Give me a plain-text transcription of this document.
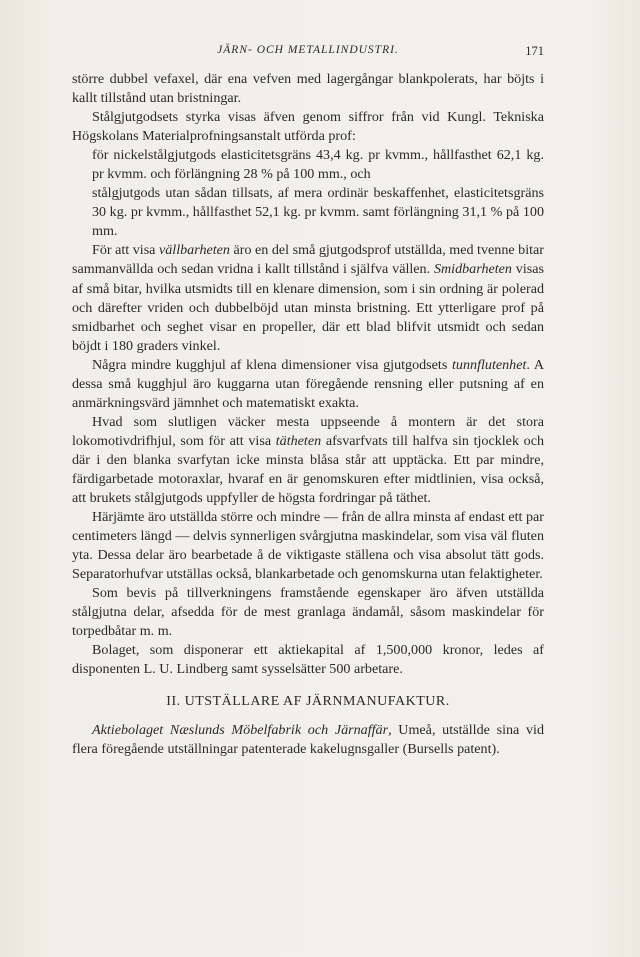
JÄRN- OCH METALLINDUSTRI.	171

större dubbel vefaxel, där ena vefven med lagergångar blankpolerats, har böjts i kallt tillstånd utan bristningar.

Stålgjutgodsets styrka visas äfven genom siffror från vid Kungl. Tekniska Högskolans Materialprofningsanstalt utförda prof:

för nickelstålgjutgods elasticitetsgräns 43,4 kg. pr kvmm., hållfasthet 62,1 kg. pr kvmm. och förlängning 28 % på 100 mm., och

stålgjutgods utan sådan tillsats, af mera ordinär beskaffenhet, elasticitetsgräns 30 kg. pr kvmm., hållfasthet 52,1 kg. pr kvmm. samt förlängning 31,1 % på 100 mm.

För att visa vällbarheten äro en del små gjutgodsprof utställda, med tvenne bitar sammanvällda och sedan vridna i kallt tillstånd i själfva vällen. Smidbarheten visas af små bitar, hvilka utsmidts till en klenare dimension, som i sin ordning är polerad och därefter vriden och dubbelböjd utan minsta bristning. Ett ytterligare prof på smidbarhet och seghet visar en propeller, där ett blad blifvit utsmidt och sedan böjdt i 180 graders vinkel.

Några mindre kugghjul af klena dimensioner visa gjutgodsets tunnflutenhet. A dessa små kugghjul äro kuggarna utan föregående rensning eller putsning af en anmärkningsvärd jämnhet och matematiskt exakta.

Hvad som slutligen väcker mesta uppseende å montern är det stora lokomotivdrifhjul, som för att visa tätheten afsvarfvats till halfva sin tjocklek och där i den blanka svarfytan icke minsta blåsa står att upptäcka. Ett par mindre, färdigarbetade motoraxlar, hvaraf en är genomskuren efter midtlinien, visa också, att brukets stålgjutgods uppfyller de högsta fordringar på täthet.

Härjämte äro utställda större och mindre — från de allra minsta af endast ett par centimeters längd — delvis synnerligen svårgjutna maskindelar, som visa väl fluten yta. Dessa delar äro bearbetade å de viktigaste ställena och visa absolut tätt gods. Separatorhufvar utställas också, blankarbetade och genomskurna utan felaktigheter.

Som bevis på tillverkningens framstående egenskaper äro äfven utställda stålgjutna delar, afsedda för de mest granlaga ändamål, såsom maskindelar för torpedbåtar m. m.

Bolaget, som disponerar ett aktiekapital af 1,500,000 kronor, ledes af disponenten L. U. Lindberg samt sysselsätter 500 arbetare.

II. UTSTÄLLARE AF JÄRNMANUFAKTUR.

Aktiebolaget Næslunds Möbelfabrik och Järnaffär, Umeå, utställde sina vid flera föregående utställningar patenterade kakelugnsgaller (Bursells patent).
